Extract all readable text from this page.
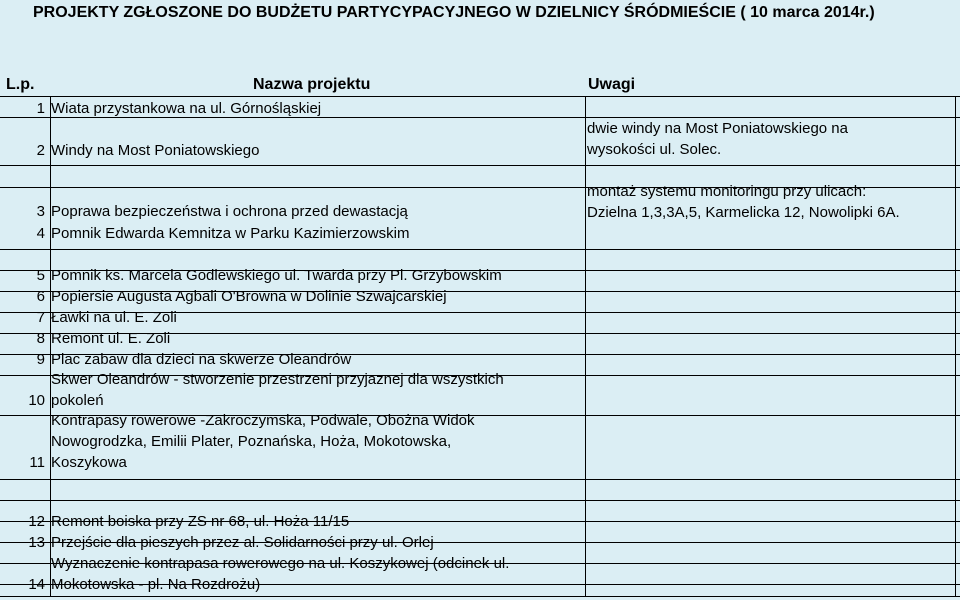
PROJEKTY ZGŁOSZONE DO BUDŻETU PARTYCYPACYJNEGO W DZIELNICY ŚRÓDMIEŚCIE ( 10 marca 2014r.)
L.p.	Nazwa projektu	Uwagi
1 Wiata przystankowa na ul. Górnośląskiej
2 Windy na Most Poniatowskiego
dwie windy na Most Poniatowskiego na
wysokości ul. Solec.
3 Poprawa bezpieczeństwa i ochrona przed dewastacją
montaż systemu monitoringu przy ulicach:
Dzielna 1,3,3A,5, Karmelicka 12, Nowolipki 6A.
4 Pomnik Edwarda Kemnitza w Parku Kazimierzowskim
5 Pomnik ks. Marcela Godlewskiego ul. Twarda przy Pl. Grzybowskim
6 Popiersie Augusta Agbali O'Browna w Dolinie Szwajcarskiej
7 Ławki na ul. E. Zoli
8 Remont ul. E. Zoli
9 Plac zabaw dla dzieci na skwerze Oleandrów
10
Skwer Oleandrów - stworzenie przestrzeni przyjaznej dla wszystkich
pokoleń
11
Kontrapasy rowerowe -Zakroczymska, Podwale, Obożna Widok
Nowogrodzka, Emilii Plater, Poznańska, Hoża, Mokotowska,
Koszykowa
12 Remont boiska przy ZS nr 68, ul. Hoża 11/15
13 Przejście dla pieszych przez al. Solidarności przy ul. Orlej
14
Wyznaczenie kontrapasa rowerowego na ul. Koszykowej (odcinek ul.
Mokotowska - pl. Na Rozdrożu)
